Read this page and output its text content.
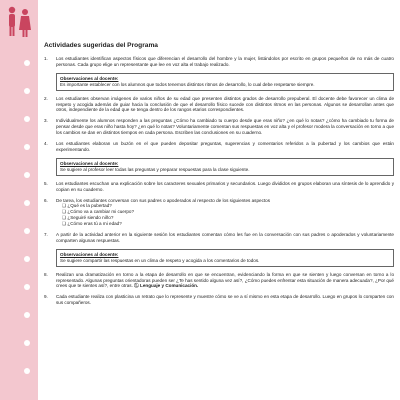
Actividades sugeridas del Programa
1. Los estudiantes identifican aspectos físicos que diferencian el desarrollo del hombre y la mujer, listándolos por escrito en grupos pequeños de no más de cuatro personas. Cada grupo elige un representante que lee en voz alta el trabajo realizado.
Observaciones al docente:
Es importante establecer con los alumnos que todos tenemos distintos ritmos de desarrollo, lo cual debe respetarse siempre.
2. Los estudiantes observan imágenes de varios niños de su edad que presenten distintos grados de desarrollo prepuberal. El docente debe favorecer un clima de respeto y acogida además de guiar hacia la conclusión de que el desarrollo físico sucede con distintos ritmos en las personas. Algunos se desarrollan antes que otros, independiente de la edad que se tenga dentro de los rangos etarios correspondientes.
3. Individualmente los alumnos responden a las preguntas ¿Cómo ha cambiado tu cuerpo desde que eras niño? ¿en qué lo notas? ¿cómo ha cambiado tu forma de pensar desde que eras niño hasta hoy? ¿en qué lo notas? Voluntariamente comentan sus respuestas en voz alta y el profesor modera la conversación en torno a que los cambios se dan en distintos tiempos en cada persona. Escriben las conclusiones en su cuaderno.
4. Los estudiantes elaboran un buzón en el que pueden depositar preguntas, sugerencias y comentarios referidos a la pubertad y los cambios que están experimentando.
Observaciones al docente:
Se sugiere al profesor leer todas las preguntas y preparar respuestas para la clase siguiente.
5. Los estudiantes escuchan una explicación sobre los caracteres sexuales primarios y secundarios. Luego divididos en grupos elaboran una síntesis de lo aprendido y copian en su cuaderno.
6. De tarea, los estudiantes conversan con sus padres o apoderados al respecto de los siguientes aspectos
❏ ¿Qué es la pubertad?
❏ ¿Cómo va a cambiar mi cuerpo?
❏ ¿Seguiré siendo niño?
❏ ¿Cómo eras tú a mi edad?
7. A partir de la actividad anterior en la siguiente sesión los estudiantes comentan cómo les fue en la conversación con sus padres o apoderados y voluntariamente comparten algunas respuestas.
Observaciones al docente:
Se sugiere compartir las respuestas en un clima de respeto y acogida a los comentarios de todos.
8. Realizan una dramatización en torno a la etapa de desarrollo en que se encuentran, evidenciando la forma en que se sienten y luego conversan en torno a lo representado. Algunas preguntas orientadoras pueden ser ¿Te has sentido alguna vez así?, ¿Cómo puedes enfrentar esta situación de manera adecuada?, ¿Por qué crees que te sientes así?, entre otras. Ⓛ Lenguaje y Comunicación.
9. Cada estudiante realiza con plasticina un retrato que lo represente y muestre cómo se ve a sí mismo en esta etapa de desarrollo. Luego en grupos lo comparten con sus compañeros.
